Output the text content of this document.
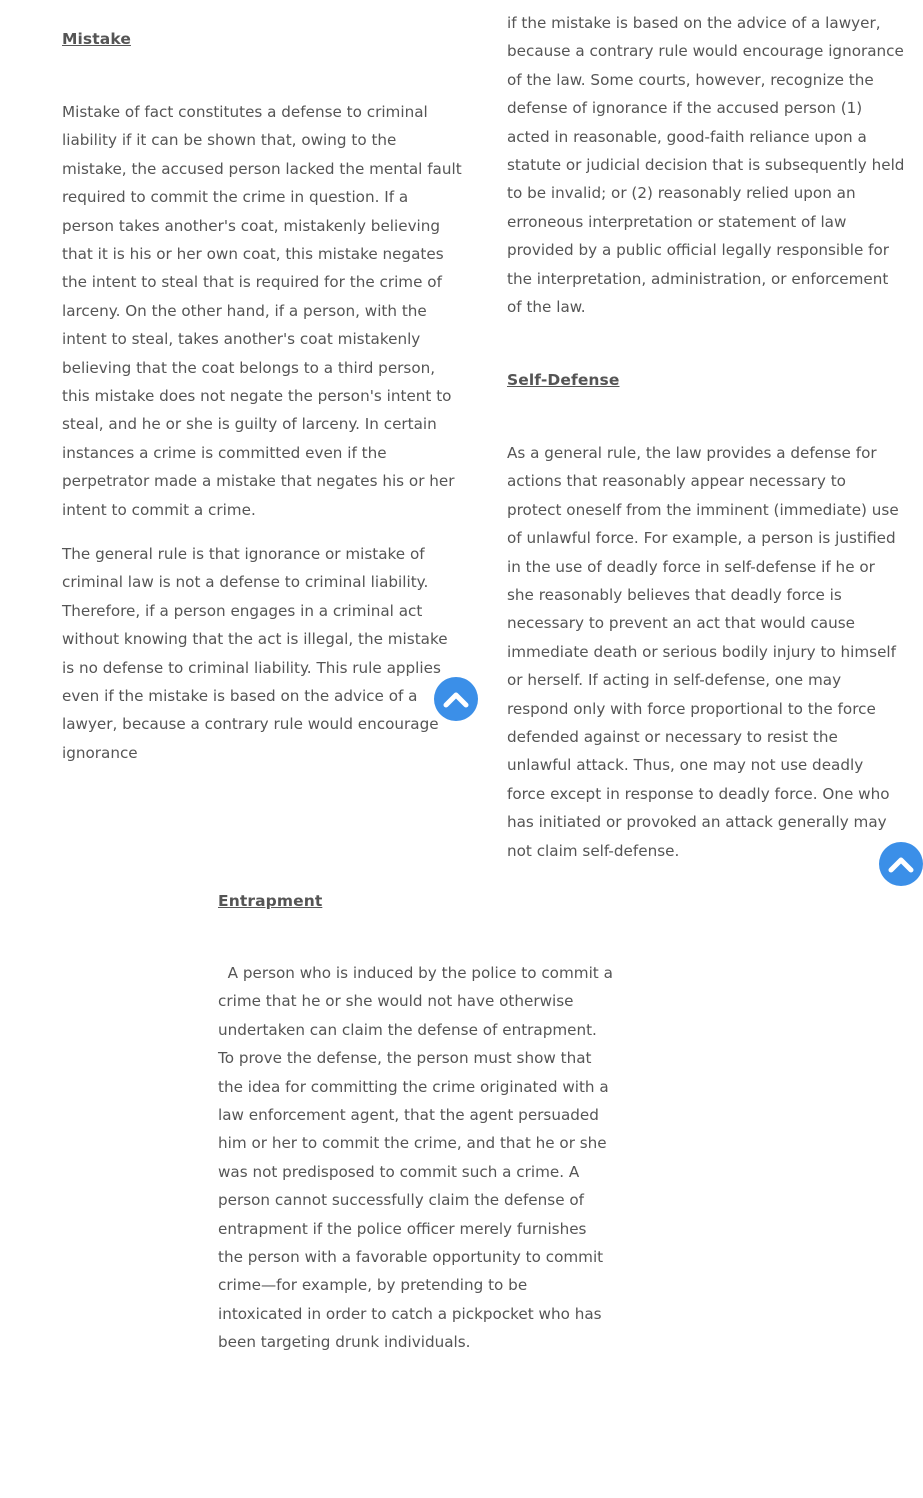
Mistake

Mistake of fact constitutes a defense to criminal liability if it can be shown that, owing to the mistake, the accused person lacked the mental fault required to commit the crime in question. If a person takes another's coat, mistakenly believing that it is his or her own coat, this mistake negates the intent to steal that is required for the crime of larceny. On the other hand, if a person, with the intent to steal, takes another's coat mistakenly believing that the coat belongs to a third person, this mistake does not negate the person's intent to steal, and he or she is guilty of larceny. In certain instances a crime is committed even if the perpetrator made a mistake that negates his or her intent to commit a crime.

The general rule is that ignorance or mistake of criminal law is not a defense to criminal liability. Therefore, if a person engages in a criminal act without knowing that the act is illegal, the mistake is no defense to criminal liability. This rule applies even if the mistake is based on the advice of a lawyer, because a contrary rule would encourage ignorance

if the mistake is based on the advice of a lawyer, because a contrary rule would encourage ignorance of the law. Some courts, however, recognize the defense of ignorance if the accused person (1) acted in reasonable, good-faith reliance upon a statute or judicial decision that is subsequently held to be invalid; or (2) reasonably relied upon an erroneous interpretation or statement of law provided by a public official legally responsible for the interpretation, administration, or enforcement of the law.

Self-Defense

As a general rule, the law provides a defense for actions that reasonably appear necessary to protect oneself from the imminent (immediate) use of unlawful force. For example, a person is justified in the use of deadly force in self-defense if he or she reasonably believes that deadly force is necessary to prevent an act that would cause immediate death or serious bodily injury to himself or herself. If acting in self-defense, one may respond only with force proportional to the force defended against or necessary to resist the unlawful attack. Thus, one may not use deadly force except in response to deadly force. One who has initiated or provoked an attack generally may not claim self-defense.

Entrapment

A person who is induced by the police to commit a crime that he or she would not have otherwise undertaken can claim the defense of entrapment. To prove the defense, the person must show that the idea for committing the crime originated with a law enforcement agent, that the agent persuaded him or her to commit the crime, and that he or she was not predisposed to commit such a crime. A person cannot successfully claim the defense of entrapment if the police officer merely furnishes the person with a favorable opportunity to commit crime—for example, by pretending to be intoxicated in order to catch a pickpocket who has been targeting drunk individuals.
